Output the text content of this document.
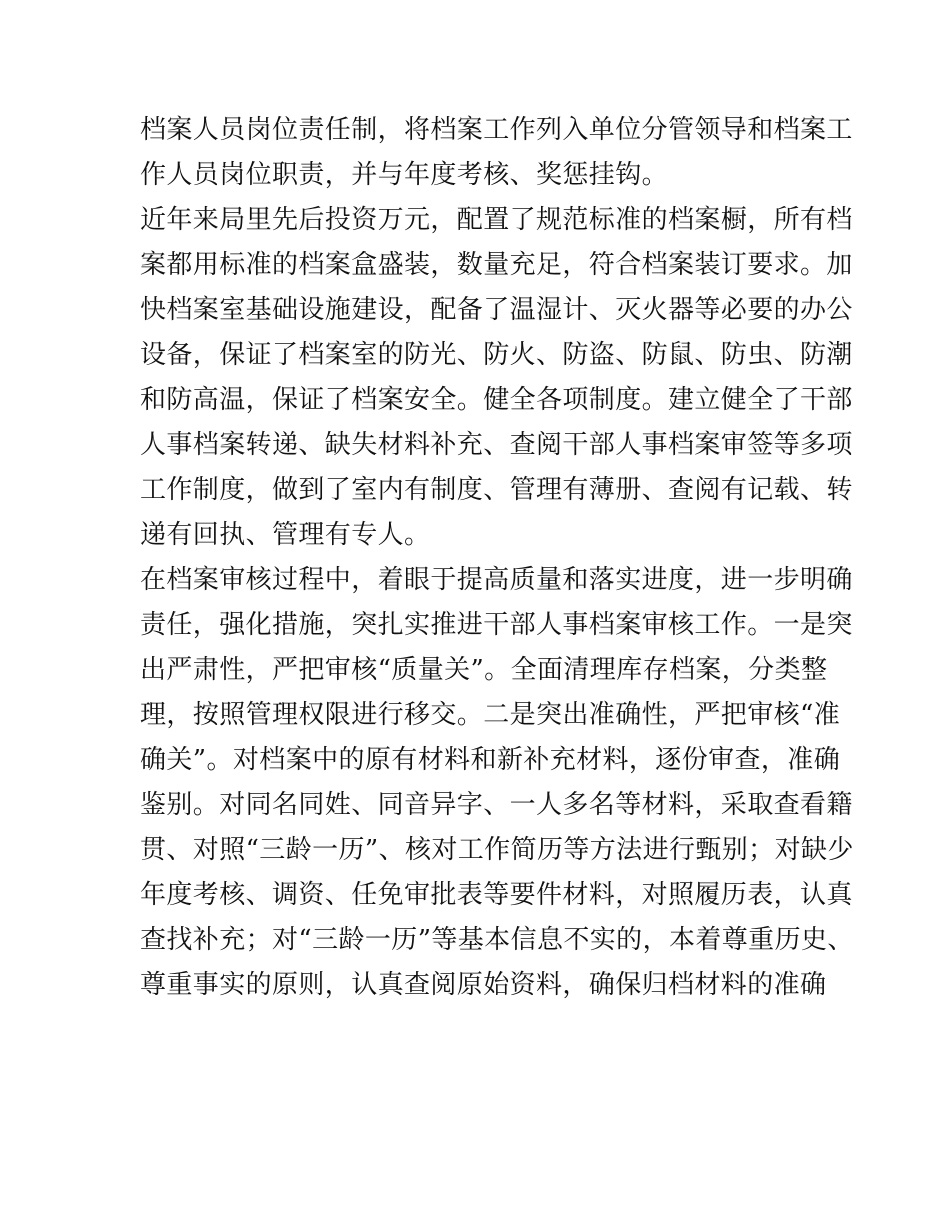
档案人员岗位责任制，将档案工作列入单位分管领导和档案工
作人员岗位职责，并与年度考核、奖惩挂钩。
近年来局里先后投资万元，配置了规范标准的档案橱，所有档
案都用标准的档案盒盛装，数量充足，符合档案装订要求。加
快档案室基础设施建设，配备了温湿计、灭火器等必要的办公
设备，保证了档案室的防光、防火、防盗、防鼠、防虫、防潮
和防高温，保证了档案安全。健全各项制度。建立健全了干部
人事档案转递、缺失材料补充、查阅干部人事档案审签等多项
工作制度，做到了室内有制度、管理有薄册、查阅有记载、转
递有回执、管理有专人。
在档案审核过程中，着眼于提高质量和落实进度，进一步明确
责任，强化措施，突扎实推进干部人事档案审核工作。一是突
出严肃性，严把审核“质量关”。全面清理库存档案，分类整
理，按照管理权限进行移交。二是突出准确性，严把审核“准
确关”。对档案中的原有材料和新补充材料，逐份审查，准确
鉴别。对同名同姓、同音异字、一人多名等材料，采取查看籍
贯、对照“三龄一历”、核对工作简历等方法进行甄别；对缺少
年度考核、调资、任免审批表等要件材料，对照履历表，认真
查找补充；对“三龄一历”等基本信息不实的，本着尊重历史、
尊重事实的原则，认真查阅原始资料，确保归档材料的准确
